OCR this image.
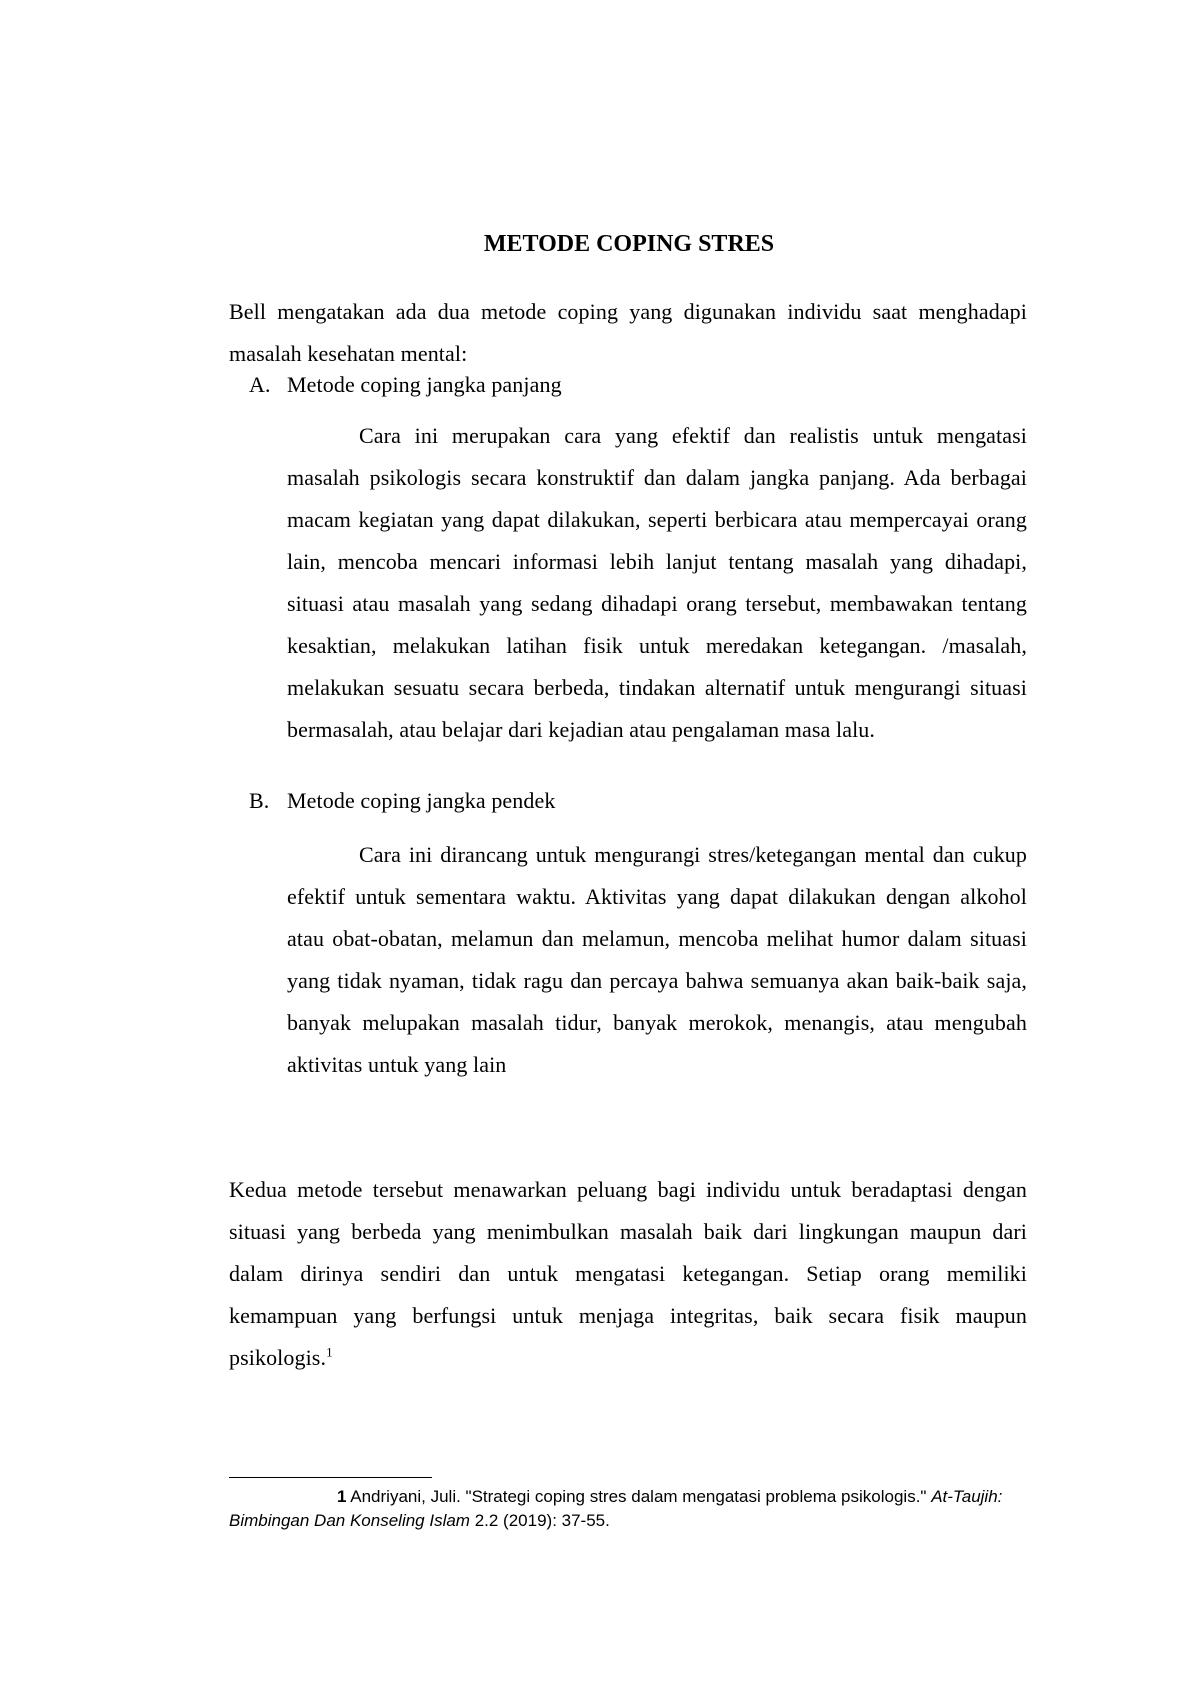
METODE COPING STRES

Bell mengatakan ada dua metode coping yang digunakan individu saat menghadapi masalah kesehatan mental:

A. Metode coping jangka panjang

Cara ini merupakan cara yang efektif dan realistis untuk mengatasi masalah psikologis secara konstruktif dan dalam jangka panjang. Ada berbagai macam kegiatan yang dapat dilakukan, seperti berbicara atau mempercayai orang lain, mencoba mencari informasi lebih lanjut tentang masalah yang dihadapi, situasi atau masalah yang sedang dihadapi orang tersebut, membawakan tentang kesaktian, melakukan latihan fisik untuk meredakan ketegangan. /masalah, melakukan sesuatu secara berbeda, tindakan alternatif untuk mengurangi situasi bermasalah, atau belajar dari kejadian atau pengalaman masa lalu.

B. Metode coping jangka pendek

Cara ini dirancang untuk mengurangi stres/ketegangan mental dan cukup efektif untuk sementara waktu. Aktivitas yang dapat dilakukan dengan alkohol atau obat-obatan, melamun dan melamun, mencoba melihat humor dalam situasi yang tidak nyaman, tidak ragu dan percaya bahwa semuanya akan baik-baik saja, banyak melupakan masalah tidur, banyak merokok, menangis, atau mengubah aktivitas untuk yang lain

Kedua metode tersebut menawarkan peluang bagi individu untuk beradaptasi dengan situasi yang berbeda yang menimbulkan masalah baik dari lingkungan maupun dari dalam dirinya sendiri dan untuk mengatasi ketegangan. Setiap orang memiliki kemampuan yang berfungsi untuk menjaga integritas, baik secara fisik maupun psikologis.$^1$

1 Andriyani, Juli. "Strategi coping stres dalam mengatasi problema psikologis." At-Taujih: Bimbingan Dan Konseling Islam 2.2 (2019): 37-55.
